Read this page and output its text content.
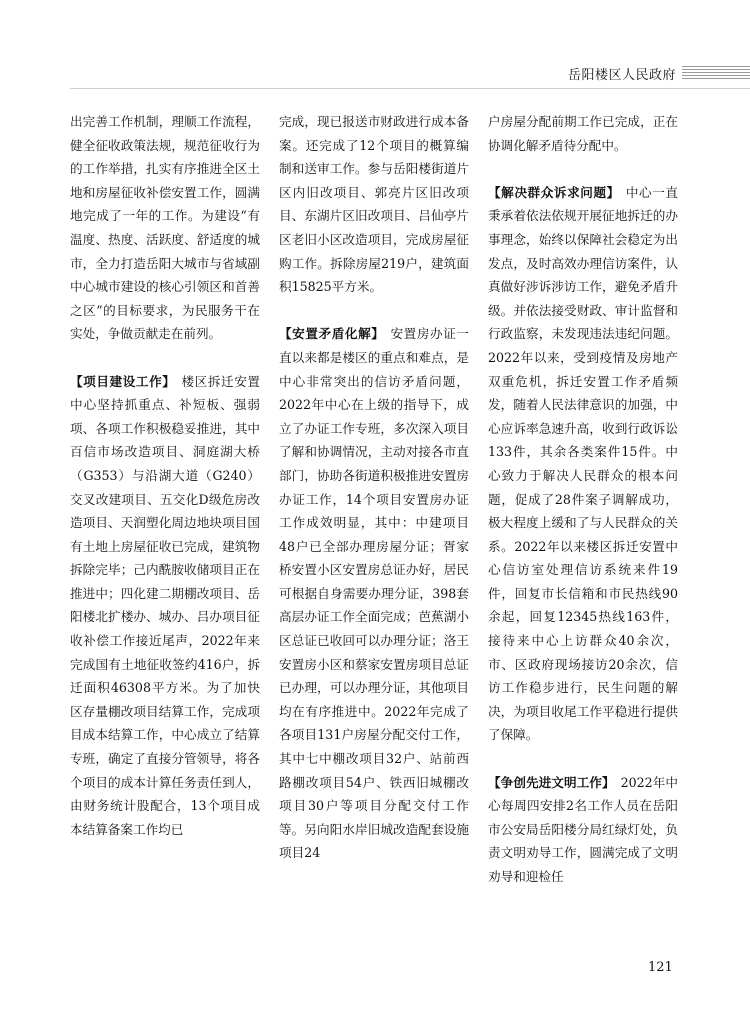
岳阳楼区人民政府

出完善工作机制，理顺工作流程，健全征收政策法规，规范征收行为的工作举措，扎实有序推进全区土地和房屋征收补偿安置工作，圆满地完成了一年的工作。为建设“有温度、热度、活跃度、舒适度的城市，全力打造岳阳大城市与省域副中心城市建设的核心引领区和首善之区”的目标要求，为民服务干在实处，争做贡献走在前列。

【项目建设工作】 楼区拆迁安置中心坚持抓重点、补短板、强弱项、各项工作积极稳妥推进，其中百信市场改造项目、洞庭湖大桥（G353）与沿湖大道（G240）交叉改建项目、五交化D级危房改造项目、天润塑化周边地块项目国有土地上房屋征收已完成，建筑物拆除完毕；己内酰胺收储项目正在推进中；四化建二期棚改项目、岳阳楼北扩楼办、城办、吕办项目征收补偿工作接近尾声，2022年来完成国有土地征收签约416户，拆迁面积46308平方米。为了加快区存量棚改项目结算工作，完成项目成本结算工作，中心成立了结算专班，确定了直接分管领导，将各个项目的成本计算任务责任到人，由财务统计股配合，13个项目成本结算备案工作均已

完成，现已报送市财政进行成本备案。还完成了12个项目的概算编制和送审工作。参与岳阳楼街道片区内旧改项目、郭亮片区旧改项目、东湖片区旧改项目、吕仙亭片区老旧小区改造项目，完成房屋征购工作。拆除房屋219户，建筑面积15825平方米。

【安置矛盾化解】 安置房办证一直以来都是楼区的重点和难点，是中心非常突出的信访矛盾问题，2022年中心在上级的指导下，成立了办证工作专班，多次深入项目了解和协调情况，主动对接各市直部门，协助各街道积极推进安置房办证工作，14个项目安置房办证工作成效明显，其中：中建项目48户已全部办理房屋分证；胥家桥安置小区安置房总证办好，居民可根据自身需要办理分证，398套高层办证工作全面完成；芭蕉湖小区总证已收回可以办理分证；洛王安置房小区和蔡家安置房项目总证已办理，可以办理分证，其他项目均在有序推进中。2022年完成了各项目131户房屋分配交付工作，其中七中棚改项目32户、站前西路棚改项目54户、铁西旧城棚改项目30户等项目分配交付工作等。另向阳水岸旧城改造配套设施项目24

户房屋分配前期工作已完成，正在协调化解矛盾待分配中。

【解决群众诉求问题】 中心一直秉承着依法依规开展征地拆迁的办事理念，始终以保障社会稳定为出发点，及时高效办理信访案件，认真做好涉诉涉访工作，避免矛盾升级。并依法接受财政、审计监督和行政监察，未发现违法违纪问题。2022年以来，受到疫情及房地产双重危机，拆迁安置工作矛盾频发，随着人民法律意识的加强，中心应诉率急速升高，收到行政诉讼133件，其余各类案件15件。中心致力于解决人民群众的根本问题，促成了28件案子调解成功，极大程度上缓和了与人民群众的关系。2022年以来楼区拆迁安置中心信访室处理信访系统来件19件，回复市长信箱和市民热线90余起，回复12345热线163件，接待来中心上访群众40余次，市、区政府现场接访20余次，信访工作稳步进行，民生问题的解决，为项目收尾工作平稳进行提供了保障。

【争创先进文明工作】 2022年中心每周四安排2名工作人员在岳阳市公安局岳阳楼分局红绿灯处，负责文明劝导工作，圆满完成了文明劝导和迎检任

121
